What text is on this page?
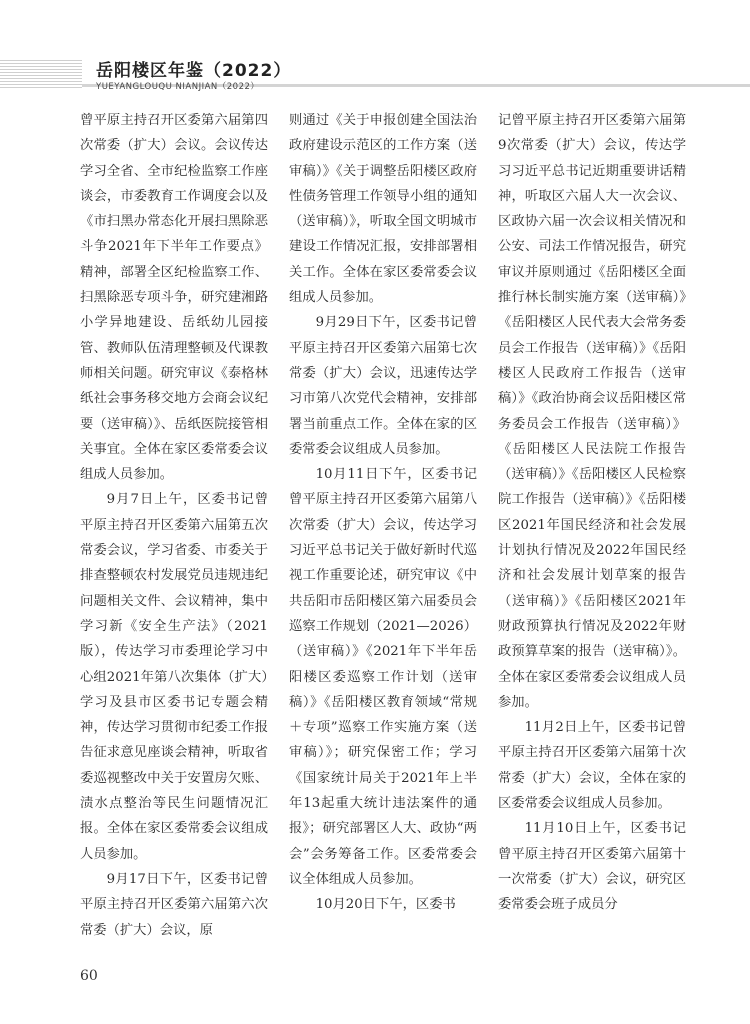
岳阳楼区年鉴（2022）
YUEYANGLOUQU NIANJIAN（2022）

曾平原主持召开区委第六届第四次常委（扩大）会议。会议传达学习全省、全市纪检监察工作座谈会，市委教育工作调度会以及《市扫黑办常态化开展扫黑除恶斗争2021年下半年工作要点》精神，部署全区纪检监察工作、扫黑除恶专项斗争，研究建湘路小学异地建设、岳纸幼儿园接管、教师队伍清理整顿及代课教师相关问题。研究审议《泰格林纸社会事务移交地方会商会议纪要（送审稿）》、岳纸医院接管相关事宜。全体在家区委常委会议组成人员参加。

9月7日上午，区委书记曾平原主持召开区委第六届第五次常委会议，学习省委、市委关于排查整顿农村发展党员违规违纪问题相关文件、会议精神，集中学习新《安全生产法》（2021版），传达学习市委理论学习中心组2021年第八次集体（扩大）学习及县市区委书记专题会精神，传达学习贯彻市纪委工作报告征求意见座谈会精神，听取省委巡视整改中关于安置房欠账、渍水点整治等民生问题情况汇报。全体在家区委常委会议组成人员参加。

9月17日下午，区委书记曾平原主持召开区委第六届第六次常委（扩大）会议，原

则通过《关于申报创建全国法治政府建设示范区的工作方案（送审稿）》《关于调整岳阳楼区政府性债务管理工作领导小组的通知（送审稿）》，听取全国文明城市建设工作情况汇报，安排部署相关工作。全体在家区委常委会议组成人员参加。

9月29日下午，区委书记曾平原主持召开区委第六届第七次常委（扩大）会议，迅速传达学习市第八次党代会精神，安排部署当前重点工作。全体在家的区委常委会议组成人员参加。

10月11日下午，区委书记曾平原主持召开区委第六届第八次常委（扩大）会议，传达学习习近平总书记关于做好新时代巡视工作重要论述，研究审议《中共岳阳市岳阳楼区第六届委员会巡察工作规划（2021—2026）（送审稿）》《2021年下半年岳阳楼区委巡察工作计划（送审稿）》《岳阳楼区教育领域“常规＋专项”巡察工作实施方案（送审稿）》；研究保密工作；学习《国家统计局关于2021年上半年13起重大统计违法案件的通报》；研究部署区人大、政协“两会”会务筹备工作。区委常委会议全体组成人员参加。

10月20日下午，区委书

记曾平原主持召开区委第六届第9次常委（扩大）会议，传达学习习近平总书记近期重要讲话精神，听取区六届人大一次会议、区政协六届一次会议相关情况和公安、司法工作情况报告，研究审议并原则通过《岳阳楼区全面推行林长制实施方案（送审稿）》《岳阳楼区人民代表大会常务委员会工作报告（送审稿）》《岳阳楼区人民政府工作报告（送审稿）》《政治协商会议岳阳楼区常务委员会工作报告（送审稿）》《岳阳楼区人民法院工作报告（送审稿）》《岳阳楼区人民检察院工作报告（送审稿）》《岳阳楼区2021年国民经济和社会发展计划执行情况及2022年国民经济和社会发展计划草案的报告（送审稿）》《岳阳楼区2021年财政预算执行情况及2022年财政预算草案的报告（送审稿）》。全体在家区委常委会议组成人员参加。

11月2日上午，区委书记曾平原主持召开区委第六届第十次常委（扩大）会议，全体在家的区委常委会议组成人员参加。

11月10日上午，区委书记曾平原主持召开区委第六届第十一次常委（扩大）会议，研究区委常委会班子成员分

60
